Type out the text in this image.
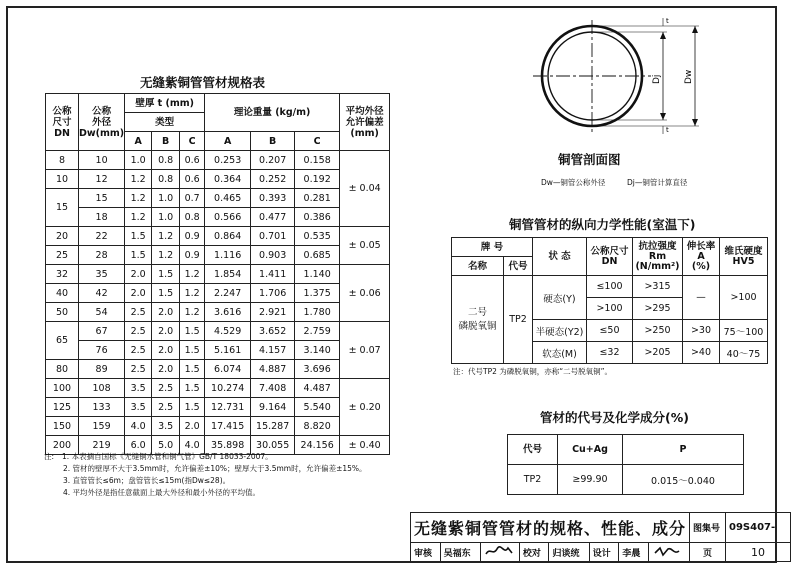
无缝紫铜管管材规格表
公称
尺寸
DN	公称
外径
Dw(mm)	壁厚 t (mm)			理论重量 (kg/m)			平均外径
允许偏差
(mm)
		类型						
		A	B	C	A	B	C	
8	10	1.0	0.8	0.6	0.253	0.207	0.158	± 0.04
10	12	1.2	0.8	0.6	0.364	0.252	0.192	
15	15	1.2	1.0	0.7	0.465	0.393	0.281	
	18	1.2	1.0	0.8	0.566	0.477	0.386	
20	22	1.5	1.2	0.9	0.864	0.701	0.535	± 0.05
25	28	1.5	1.2	0.9	1.116	0.903	0.685	
32	35	2.0	1.5	1.2	1.854	1.411	1.140	± 0.06
40	42	2.0	1.5	1.2	2.247	1.706	1.375	
50	54	2.5	2.0	1.2	3.616	2.921	1.780	
65	67	2.5	2.0	1.5	4.529	3.652	2.759	± 0.07
	76	2.5	2.0	1.5	5.161	4.157	3.140	
80	89	2.5	2.0	1.5	6.074	4.887	3.696	
100	108	3.5	2.5	1.5	10.274	7.408	4.487	± 0.20
125	133	3.5	2.5	1.5	12.731	9.164	5.540	
150	159	4.0	3.5	2.0	17.415	15.287	8.820	
200	219	6.0	5.0	4.0	35.898	30.055	24.156	± 0.40
注: 1. 本表摘自国标《无缝铜水管和铜气管》GB/T 18033-2007。
2. 管材的壁厚不大于3.5mm时，允许偏差±10%；壁厚大于3.5mm时，允许偏差±15%。
3. 直管管长≤6m；盘管管长≤15m(指Dw≤28)。
4. 平均外径是指任意截面上最大外径和最小外径的平均值。
t
t
Dj Dw
铜管剖面图
Dw—铜管公称外径	Dj—铜管计算直径
铜管管材的纵向力学性能(室温下)
牌 号		状 态	公称尺寸
DN	抗拉强度
Rm
(N/mm²)	伸长率
A
(%)	维氏硬度
HV5
名称	代号					
二号
磷脱氧铜	TP2	硬态(Y)	≤100	>315	—	>100
			>100	>295		
		半硬态(Y2)	≤50	>250	>30	75～100
		软态(M)	≤32	>205	>40	40～75
注：代号TP2 为磷脱氧铜，亦称“二号脱氧铜”。
管材的代号及化学成分(%)
代号	Cu+Ag	P
TP2	≥99.90	0.015～0.040
无缝紫铜管管材的规格、性能、成分								图集号	09S407-
审核	吴福东		校对	归谈统	设计	李晨		页	10
